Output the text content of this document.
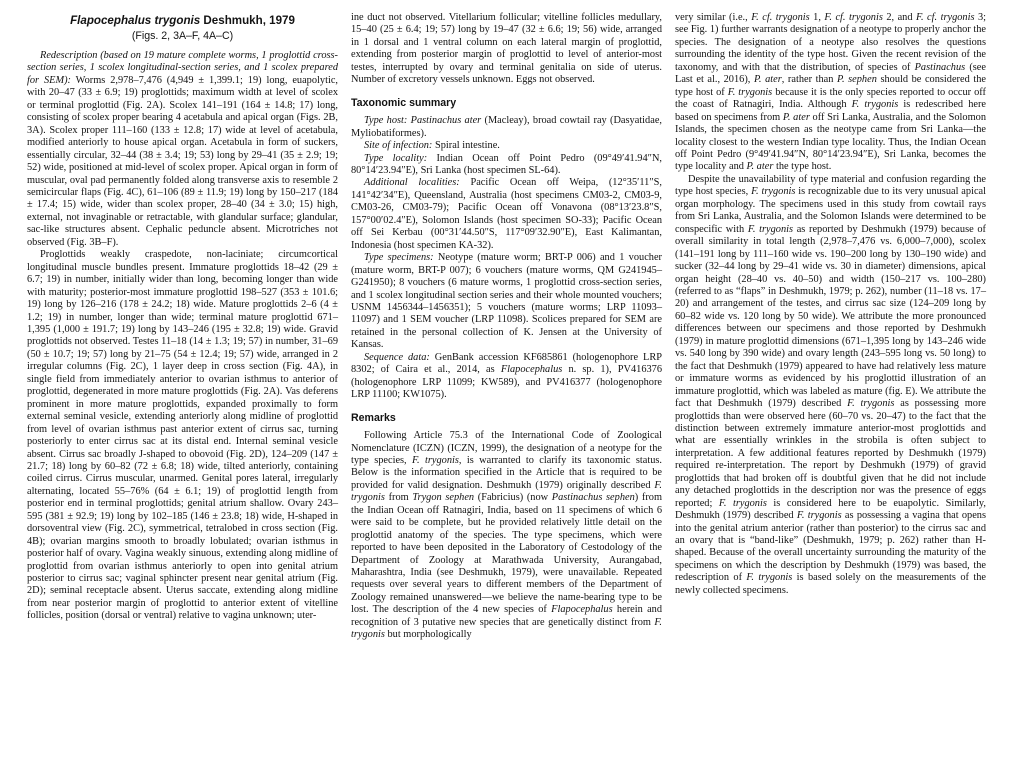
Flapocephalus trygonis Deshmukh, 1979
(Figs. 2, 3A–F, 4A–C)

Redescription (based on 19 mature complete worms, 1 proglottid cross-section series, 1 scolex longitudinal-section series, and 1 scolex prepared for SEM): Worms 2,978–7,476 (4,949 ± 1,399.1; 19) long, euapolytic, with 20–47 (33 ± 6.9; 19) proglottids; maximum width at level of scolex or terminal proglottid (Fig. 2A). Scolex 141–191 (164 ± 14.8; 17) long, consisting of scolex proper bearing 4 acetabula and apical organ (Figs. 2B, 3A). Scolex proper 111–160 (133 ± 12.8; 17) wide at level of acetabula, modified anteriorly to house apical organ. Acetabula in form of suckers, essentially circular, 32–44 (38 ± 3.4; 19; 53) long by 29–41 (35 ± 2.9; 19; 52) wide, positioned at mid-level of scolex proper. Apical organ in form of muscular, oval pad permanently folded along transverse axis to resemble 2 semicircular flaps (Fig. 4C), 61–106 (89 ± 11.9; 19) long by 150–217 (184 ± 17.4; 15) wide, wider than scolex proper, 28–40 (34 ± 3.0; 15) high, external, not invaginable or retractable, with glandular surface; glandular, sac-like structures absent. Cephalic peduncle absent. Microtriches not observed (Fig. 3B–F).

Proglottids weakly craspedote, non-laciniate; circumcortical longitudinal muscle bundles present. Immature proglottids 18–42 (29 ± 6.7; 19) in number, initially wider than long, becoming longer than wide with maturity; posterior-most immature proglottid 198–527 (353 ± 101.6; 19) long by 126–216 (178 ± 24.2; 18) wide. Mature proglottids 2–6 (4 ± 1.2; 19) in number, longer than wide; terminal mature proglottid 671–1,395 (1,000 ± 191.7; 19) long by 143–246 (195 ± 32.8; 19) wide. Gravid proglottids not observed. Testes 11–18 (14 ± 1.3; 19; 57) in number, 31–69 (50 ± 10.7; 19; 57) long by 21–75 (54 ± 12.4; 19; 57) wide, arranged in 2 irregular columns (Fig. 2C), 1 layer deep in cross section (Fig. 4A), in single field from immediately anterior to ovarian isthmus to anterior of proglottid, degenerated in more mature proglottids (Fig. 2A). Vas deferens prominent in more mature proglottids, expanded proximally to form external seminal vesicle, extending anteriorly along midline of proglottid from level of ovarian isthmus past anterior extent of cirrus sac, turning posteriorly to enter cirrus sac at its distal end. Internal seminal vesicle absent. Cirrus sac broadly J-shaped to obovoid (Fig. 2D), 124–209 (147 ± 21.7; 18) long by 60–82 (72 ± 6.8; 18) wide, tilted anteriorly, containing coiled cirrus. Cirrus muscular, unarmed. Genital pores lateral, irregularly alternating, located 55–76% (64 ± 6.1; 19) of proglottid length from posterior end in terminal proglottids; genital atrium shallow. Ovary 243–595 (381 ± 92.9; 19) long by 102–185 (146 ± 23.8; 18) wide, H-shaped in dorsoventral view (Fig. 2C), symmetrical, tetralobed in cross section (Fig. 4B); ovarian margins smooth to broadly lobulated; ovarian isthmus in posterior half of ovary. Vagina weakly sinuous, extending along midline of proglottid from ovarian isthmus anteriorly to open into genital atrium posterior to cirrus sac; vaginal sphincter present near genital atrium (Fig. 2D); seminal receptacle absent. Uterus saccate, extending along midline from near posterior margin of proglottid to anterior extent of vitelline follicles, position (dorsal or ventral) relative to vagina unknown; uter-

ine duct not observed. Vitellarium follicular; vitelline follicles medullary, 15–40 (25 ± 6.4; 19; 57) long by 19–47 (32 ± 6.6; 19; 56) wide, arranged in 1 dorsal and 1 ventral column on each lateral margin of proglottid, extending from posterior margin of proglottid to level of anterior-most testes, interrupted by ovary and terminal genitalia on side of uterus. Number of excretory vessels unknown. Eggs not observed.

Taxonomic summary

Type host: Pastinachus ater (Macleay), broad cowtail ray (Dasyatidae, Myliobatiformes).

Site of infection: Spiral intestine.

Type locality: Indian Ocean off Point Pedro (09°49′41.94″N, 80°14′23.94″E), Sri Lanka (host specimen SL-64).

Additional localities: Pacific Ocean off Weipa, (12°35′11″S, 141°42′34″E), Queensland, Australia (host specimens CM03-2, CM03-9, CM03-26, CM03-79); Pacific Ocean off Vonavona (08°13′23.8″S, 157°00′02.4″E), Solomon Islands (host specimen SO-33); Pacific Ocean off Sei Kerbau (00°31′44.50″S, 117°09′32.90″E), East Kalimantan, Indonesia (host specimen KA-32).

Type specimens: Neotype (mature worm; BRT-P 006) and 1 voucher (mature worm, BRT-P 007); 6 vouchers (mature worms, QM G241945–G241950); 8 vouchers (6 mature worms, 1 proglottid cross-section series, and 1 scolex longitudinal section series and their whole mounted vouchers; USNM 1456344–1456351); 5 vouchers (mature worms; LRP 11093–11097) and 1 SEM voucher (LRP 11098). Scolices prepared for SEM are retained in the personal collection of K. Jensen at the University of Kansas.

Sequence data: GenBank accession KF685861 (hologenophore LRP 8302; of Caira et al., 2014, as Flapocephalus n. sp. 1), PV416376 (hologenophore LRP 11099; KW589), and PV416377 (hologenophore LRP 11100; KW1075).

Remarks

Following Article 75.3 of the International Code of Zoological Nomenclature (ICZN) (ICZN, 1999), the designation of a neotype for the type species, F. trygonis, is warranted to clarify its taxonomic status. Below is the information specified in the Article that is required to be provided for valid designation. Deshmukh (1979) originally described F. trygonis from Trygon sephen (Fabricius) (now Pastinachus sephen) from the Indian Ocean off Ratnagiri, India, based on 11 specimens of which 6 were said to be complete, but he provided relatively little detail on the proglottid anatomy of the species. The type specimens, which were reported to have been deposited in the Laboratory of Cestodology of the Department of Zoology at Marathwada University, Aurangabad, Maharashtra, India (see Deshmukh, 1979), were unavailable. Repeated requests over several years to different members of the Department of Zoology remained unanswered—we believe the name-bearing type to be lost. The description of the 4 new species of Flapocephalus herein and recognition of 3 putative new species that are genetically distinct from F. trygonis but morphologically

very similar (i.e., F. cf. trygonis 1, F. cf. trygonis 2, and F. cf. trygonis 3; see Fig. 1) further warrants designation of a neotype to properly anchor the species. The designation of a neotype also resolves the questions surrounding the identity of the type host. Given the recent revision of the taxonomy, and with that the distribution, of species of Pastinachus (see Last et al., 2016), P. ater, rather than P. sephen should be considered the type host of F. trygonis because it is the only species reported to occur off the coast of Ratnagiri, India. Although F. trygonis is redescribed here based on specimens from P. ater off Sri Lanka, Australia, and the Solomon Islands, the specimen chosen as the neotype came from Sri Lanka—the locality closest to the western Indian type locality. Thus, the Indian Ocean off Point Pedro (9°49′41.94″N, 80°14′23.94″E), Sri Lanka, becomes the type locality and P. ater the type host.

Despite the unavailability of type material and confusion regarding the type host species, F. trygonis is recognizable due to its very unusual apical organ morphology. The specimens used in this study from cowtail rays from Sri Lanka, Australia, and the Solomon Islands were determined to be conspecific with F. trygonis as reported by Deshmukh (1979) because of overall similarity in total length (2,978–7,476 vs. 6,000–7,000), scolex (141–191 long by 111–160 wide vs. 190–200 long by 130–190 wide) and sucker (32–44 long by 29–41 wide vs. 30 in diameter) dimensions, apical organ height (28–40 vs. 40–50) and width (150–217 vs. 100–280) (referred to as “flaps” in Deshmukh, 1979; p. 262), number (11–18 vs. 17–20) and arrangement of the testes, and cirrus sac size (124–209 long by 60–82 wide vs. 120 long by 50 wide). We attribute the more pronounced differences between our specimens and those reported by Deshmukh (1979) in mature proglottid dimensions (671–1,395 long by 143–246 wide vs. 540 long by 390 wide) and ovary length (243–595 long vs. 50 long) to the fact that Deshmukh (1979) appeared to have had relatively less mature or immature worms as evidenced by his proglottid illustration of an immature proglottid, which was labeled as mature (fig. E). We attribute the fact that Deshmukh (1979) described F. trygonis as possessing more proglottids than were observed here (60–70 vs. 20–47) to the fact that the distinction between extremely immature anterior-most proglottids and what are essentially wrinkles in the strobila is often subject to interpretation. A few additional features reported by Deshmukh (1979) required re-interpretation. The report by Deshmukh (1979) of gravid proglottids that had broken off is doubtful given that he did not include any detached proglottids in the description nor was the presence of eggs reported; F. trygonis is considered here to be euapolytic. Similarly, Deshmukh (1979) described F. trygonis as possessing a vagina that opens into the genital atrium anterior (rather than posterior) to the cirrus sac and an ovary that is “band-like” (Deshmukh, 1979; p. 262) rather than H-shaped. Because of the overall uncertainty surrounding the maturity of the specimens on which the description by Deshmukh (1979) was based, the redescription of F. trygonis is based solely on the measurements of the newly collected specimens.
